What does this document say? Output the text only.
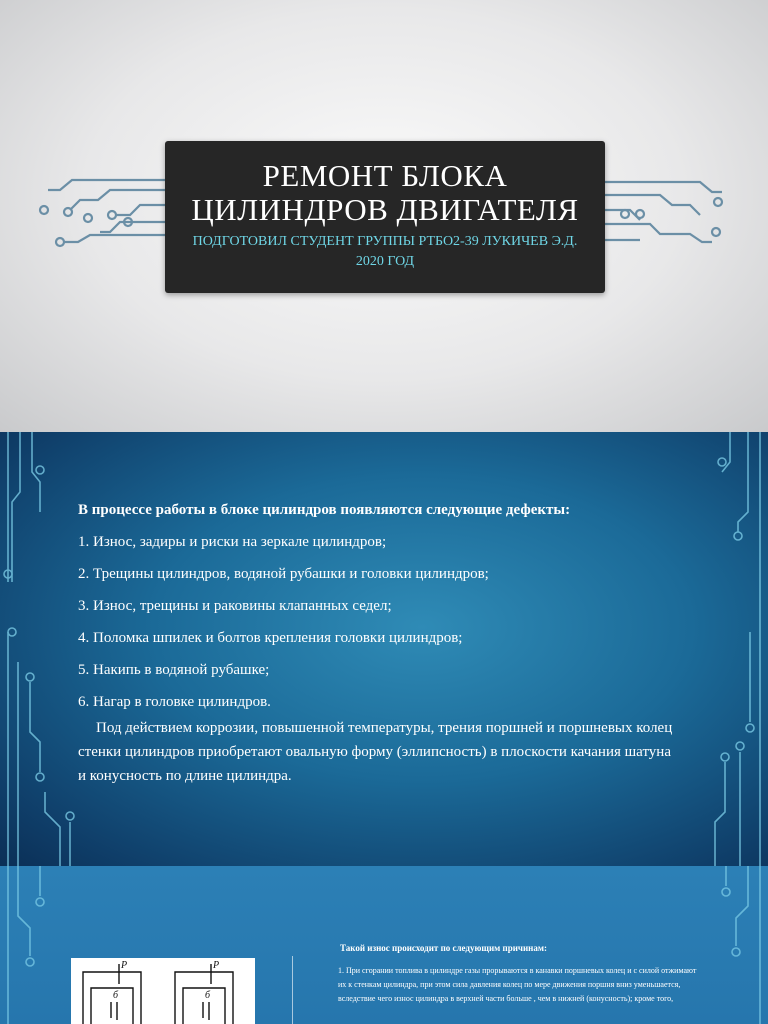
РЕМОНТ БЛОКА
ЦИЛИНДРОВ ДВИГАТЕЛЯ
ПОДГОТОВИЛ СТУДЕНТ ГРУППЫ РТБО2-39 ЛУКИЧЕВ Э.Д.
2020 ГОД
В процессе работы в блоке цилиндров появляются следующие дефекты:
1. Износ, задиры и риски на зеркале цилиндров;
2. Трещины цилиндров, водяной рубашки и головки цилиндров;
3. Износ, трещины и раковины клапанных седел;
4. Поломка шпилек и болтов крепления головки цилиндров;
5. Накипь в водяной рубашке;
6. Нагар в головке цилиндров.
Под действием коррозии, повышенной температуры, трения поршней и поршневых колец стенки цилиндров приобретают овальную форму (эллипсность) в плоскости качания шатуна и конусность по длине цилиндра.
P	P
б	б
Такой износ происходит по следующим причинам:
1. При сгорании топлива в цилиндре газы прорываются в канавки поршневых колец и с силой отжимают их к стенкам цилиндра, при этом сила давления колец по мере движения поршня вниз уменьшается, вследствие чего износ цилиндра в верхней части больше , чем в нижней (конусность); кроме того,
